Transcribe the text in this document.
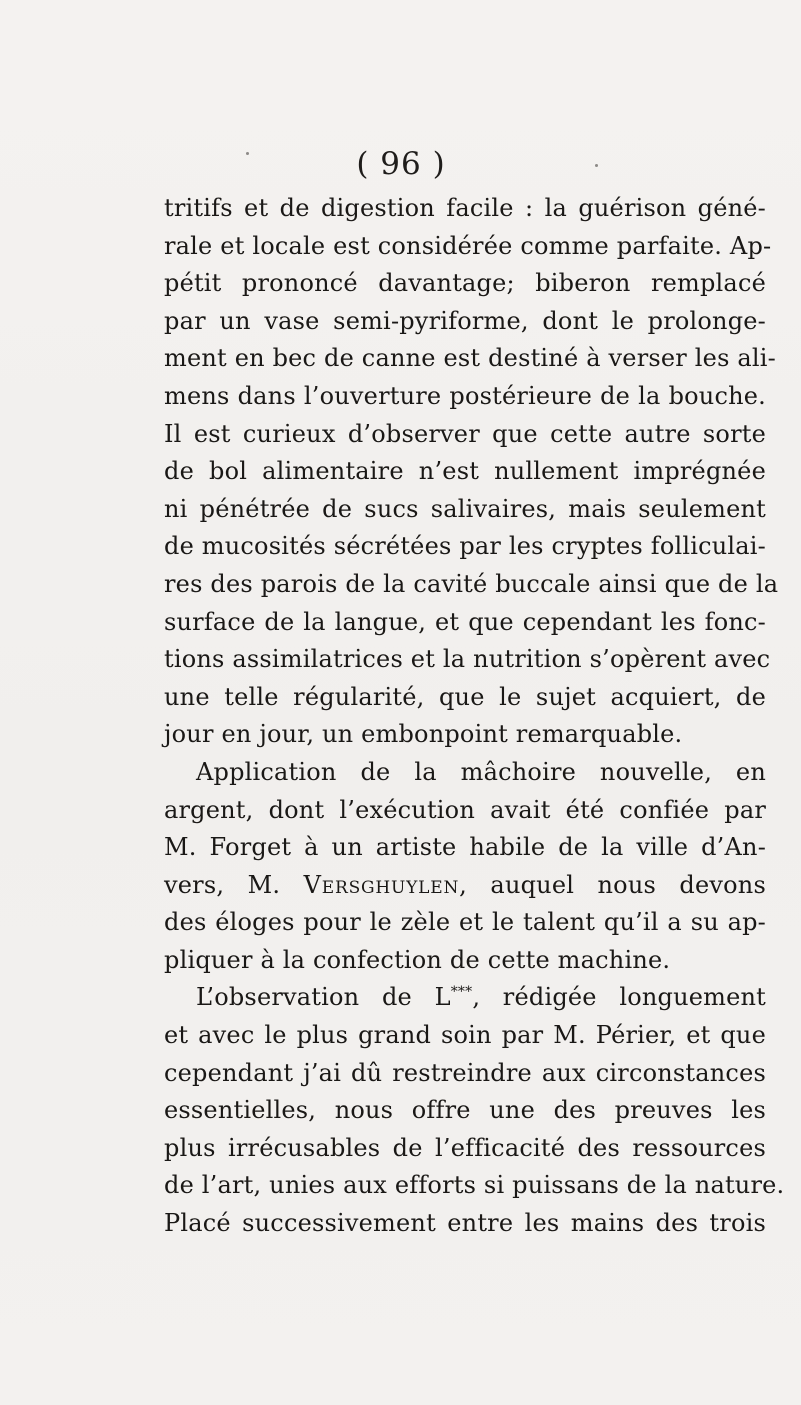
( 96 )
tritifs et de digestion facile : la guérison géné-
rale et locale est considérée comme parfaite. Ap-
pétit prononcé davantage; biberon remplacé
par un vase semi-pyriforme, dont le prolonge-
ment en bec de canne est destiné à verser les ali-
mens dans l’ouverture postérieure de la bouche.
Il est curieux d’observer que cette autre sorte
de bol alimentaire n’est nullement imprégnée
ni pénétrée de sucs salivaires, mais seulement
de mucosités sécrétées par les cryptes folliculai-
res des parois de la cavité buccale ainsi que de la
surface de la langue, et que cependant les fonc-
tions assimilatrices et la nutrition s’opèrent avec
une telle régularité, que le sujet acquiert, de
jour en jour, un embonpoint remarquable.
Application de la mâchoire nouvelle, en
argent, dont l’exécution avait été confiée par
M. Forget à un artiste habile de la ville d’An-
vers, M. Versghuylen, auquel nous devons
des éloges pour le zèle et le talent qu’il a su ap-
pliquer à la confection de cette machine.
L’observation de L***, rédigée longuement
et avec le plus grand soin par M. Périer, et que
cependant j’ai dû restreindre aux circonstances
essentielles, nous offre une des preuves les
plus irrécusables de l’efficacité des ressources
de l’art, unies aux efforts si puissans de la nature.
Placé successivement entre les mains des trois
